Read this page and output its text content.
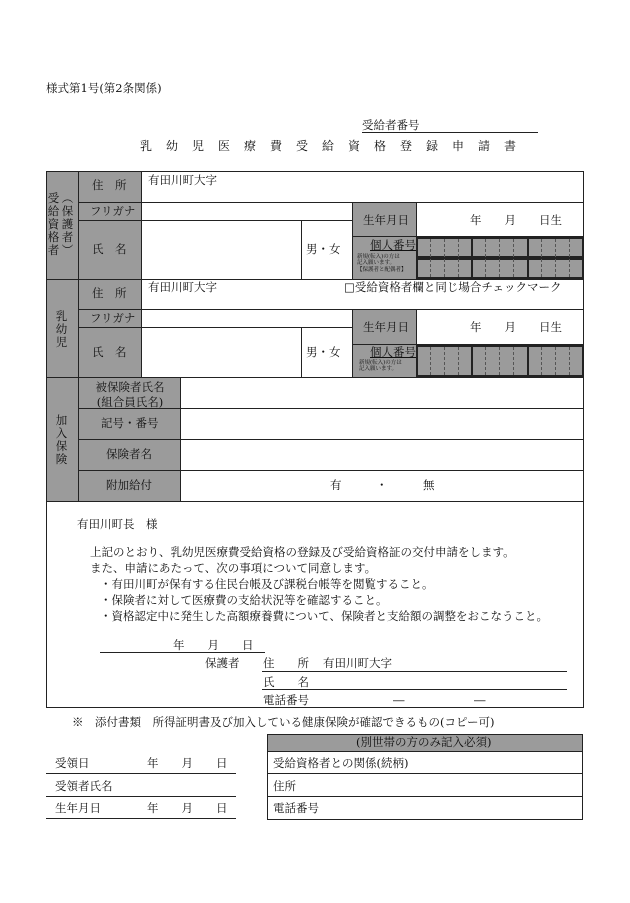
様式第1号(第2条関係)
受給者番号
乳幼児医療費受給資格登録申請書
受
給
資
格
者
︵
保
護
者
︶
住　所 有田川町大字
フリガナ
氏　名	男・女
生年月日	年　　月　　日生
個人番号
新規(転入)の方は
記入願います。
【保護者と配偶者】
乳
幼
児
住　所 有田川町大字	□受給資格者欄と同じ場合チェックマーク
フリガナ
氏　名	男・女
生年月日	年　　月　　日生
個人番号
新規(転入)の方は
記入願います。
加
入
保
険
被保険者氏名
(組合員氏名)
記号・番号
保険者名
附加給付	有	・	無
有田川町長　様
上記のとおり、乳幼児医療費受給資格の登録及び受給資格証の交付申請をします。
また、申請にあたって、次の事項について同意します。
・有田川町が保有する住民台帳及び課税台帳等を閲覧すること。
・保険者に対して医療費の支給状況等を確認すること。
・資格認定中に発生した高額療養費について、保険者と支給額の調整をおこなうこと。
年　　月　　日
保護者 住　　所 有田川町大字
氏　　名
電話番号	―	―
※　添付書類　所得証明書及び加入している健康保険が確認できるもの(コピー可)
受領日	年　　月　　日
受領者氏名
生年月日	年　　月　　日
(別世帯の方のみ記入必須)
受給資格者との関係(続柄)
住所
電話番号
